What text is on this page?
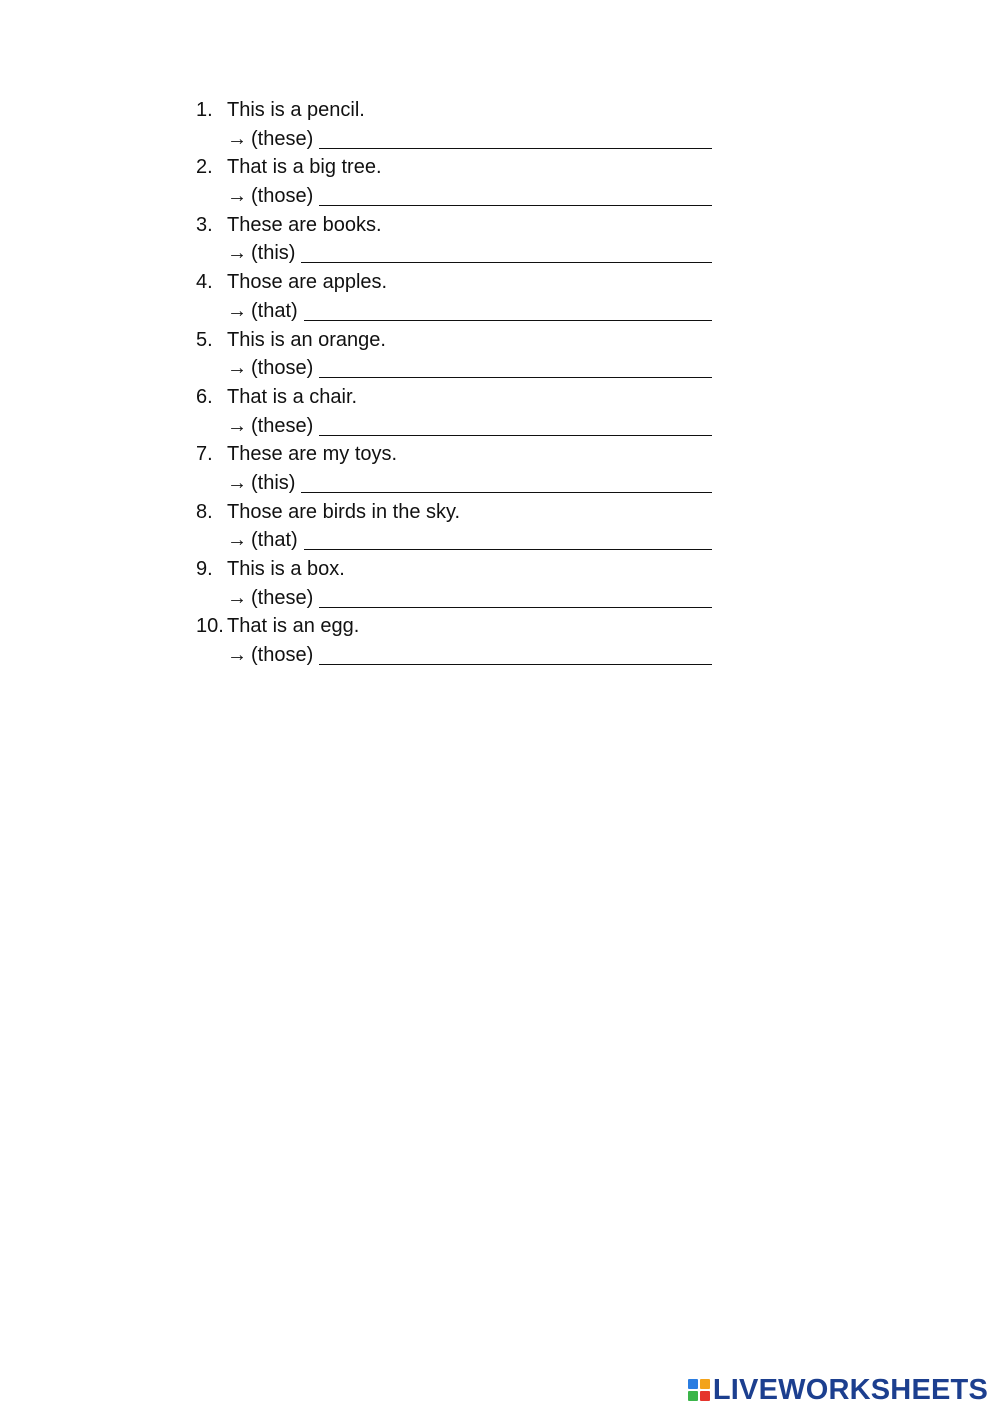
1. This is a pencil.
→ (these)
2. That is a big tree.
→ (those)
3. These are books.
→ (this)
4. Those are apples.
→ (that)
5. This is an orange.
→ (those)
6. That is a chair.
→ (these)
7. These are my toys.
→ (this)
8. Those are birds in the sky.
→ (that)
9. This is a box.
→ (these)
10. That is an egg.
→ (those)
LIVEWORKSHEETS
